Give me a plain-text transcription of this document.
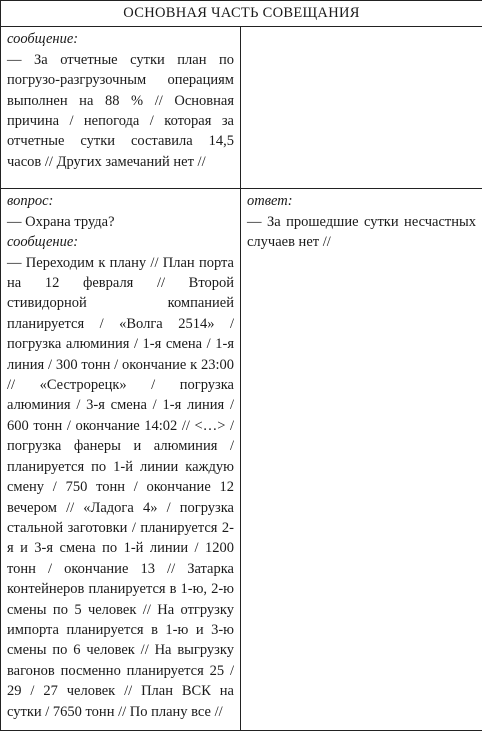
ОСНОВНАЯ ЧАСТЬ СОВЕЩАНИЯ	

сообщение:
— За отчетные сутки план по погрузо-разгрузочным операциям выполнен на 88 % // Основная причина / непогода / которая за отчетные сутки составила 14,5 часов // Других замечаний нет //	

вопрос:
— Охрана труда?
сообщение:
— Переходим к плану // План порта на 12 февраля // Второй стивидорной компанией планируется / «Волга 2514» / погрузка алюминия / 1-я смена / 1-я линия / 300 тонн / окончание к 23:00 // «Сестрорецк» / погрузка алюминия / 3-я смена / 1-я линия / 600 тонн / окончание 14:02 // <…> / погрузка фанеры и алюминия / планируется по 1-й линии каждую смену / 750 тонн / окончание 12 вечером // «Ладога 4» / погрузка стальной заготовки / планируется 2-я и 3-я смена по 1-й линии / 1200 тонн / окончание 13 // Затарка контейнеров планируется в 1-ю, 2-ю смены по 5 человек // На отгрузку импорта планируется в 1-ю и 3-ю смены по 6 человек // На выгрузку вагонов посменно планируется 25 / 29 / 27 человек // План ВСК на сутки / 7650 тонн // По плану все //	ответ:
— За прошедшие сутки несчастных случаев нет //
